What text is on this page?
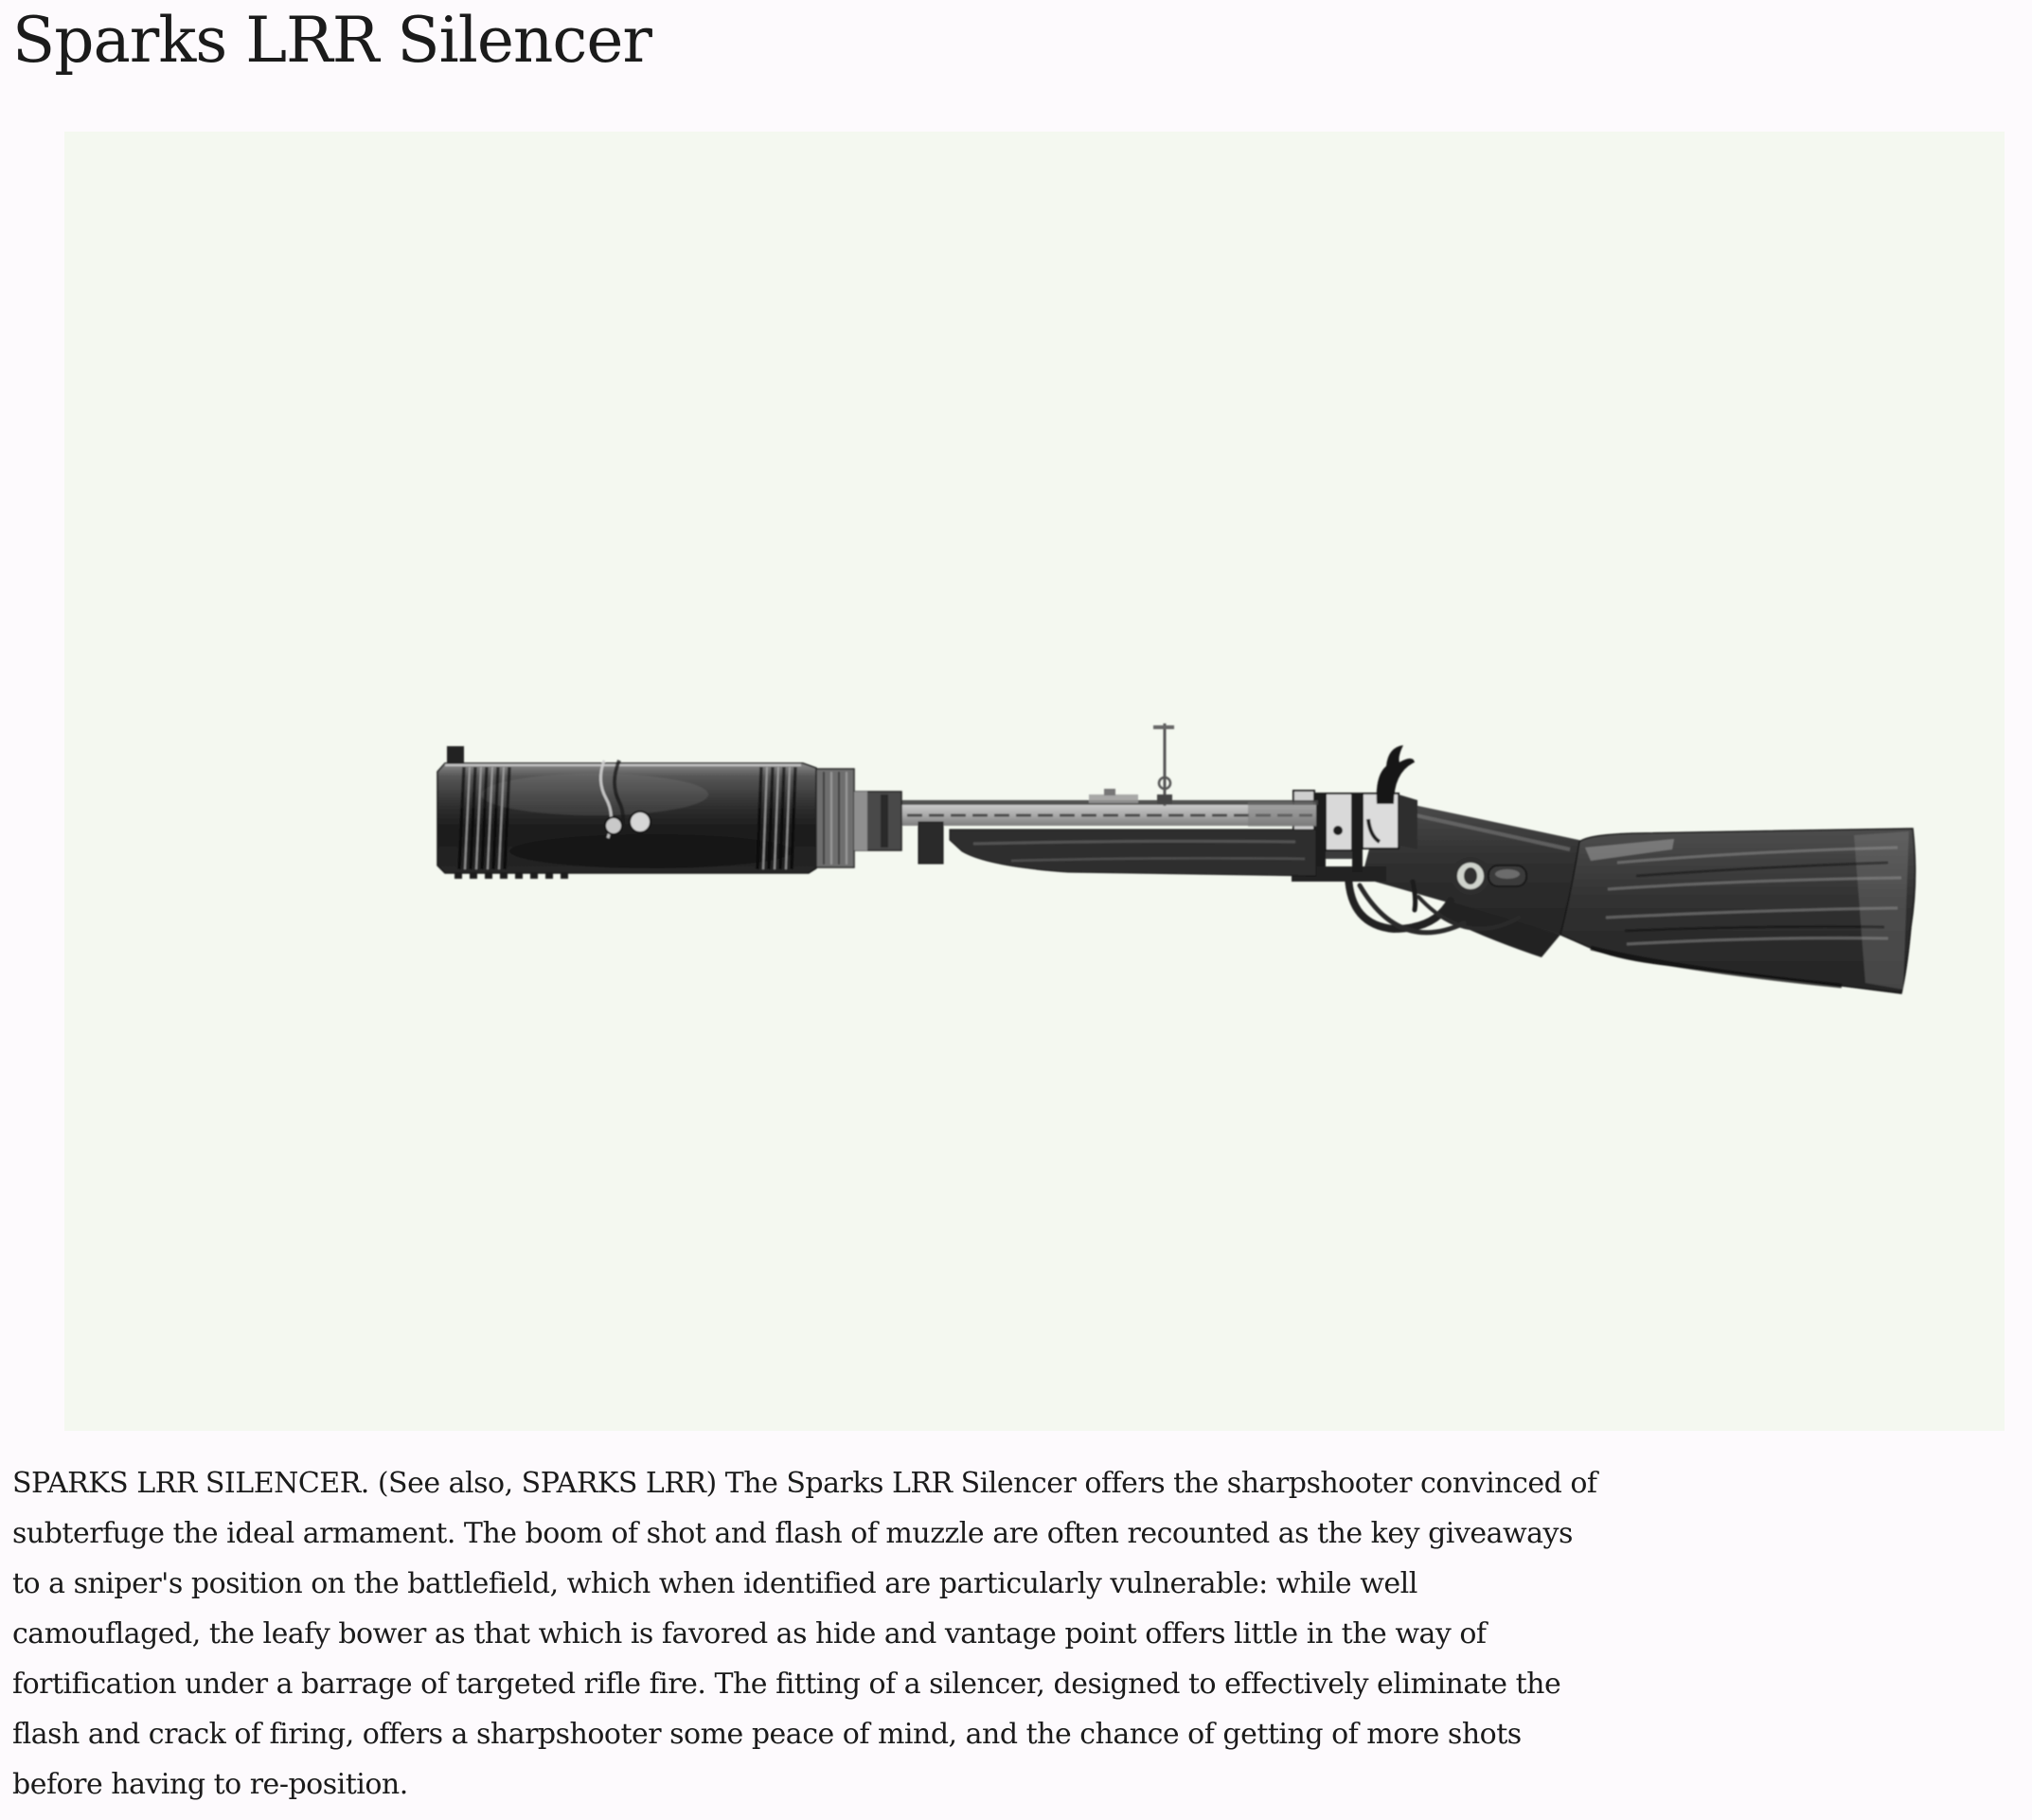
Sparks LRR Silencer
SPARKS LRR SILENCER. (See also, SPARKS LRR) The Sparks LRR Silencer offers the sharpshooter convinced of
subterfuge the ideal armament. The boom of shot and flash of muzzle are often recounted as the key giveaways
to a sniper's position on the battlefield, which when identified are particularly vulnerable: while well
camouflaged, the leafy bower as that which is favored as hide and vantage point offers little in the way of
fortification under a barrage of targeted rifle fire. The fitting of a silencer, designed to effectively eliminate the
flash and crack of firing, offers a sharpshooter some peace of mind, and the chance of getting of more shots
before having to re-position.
